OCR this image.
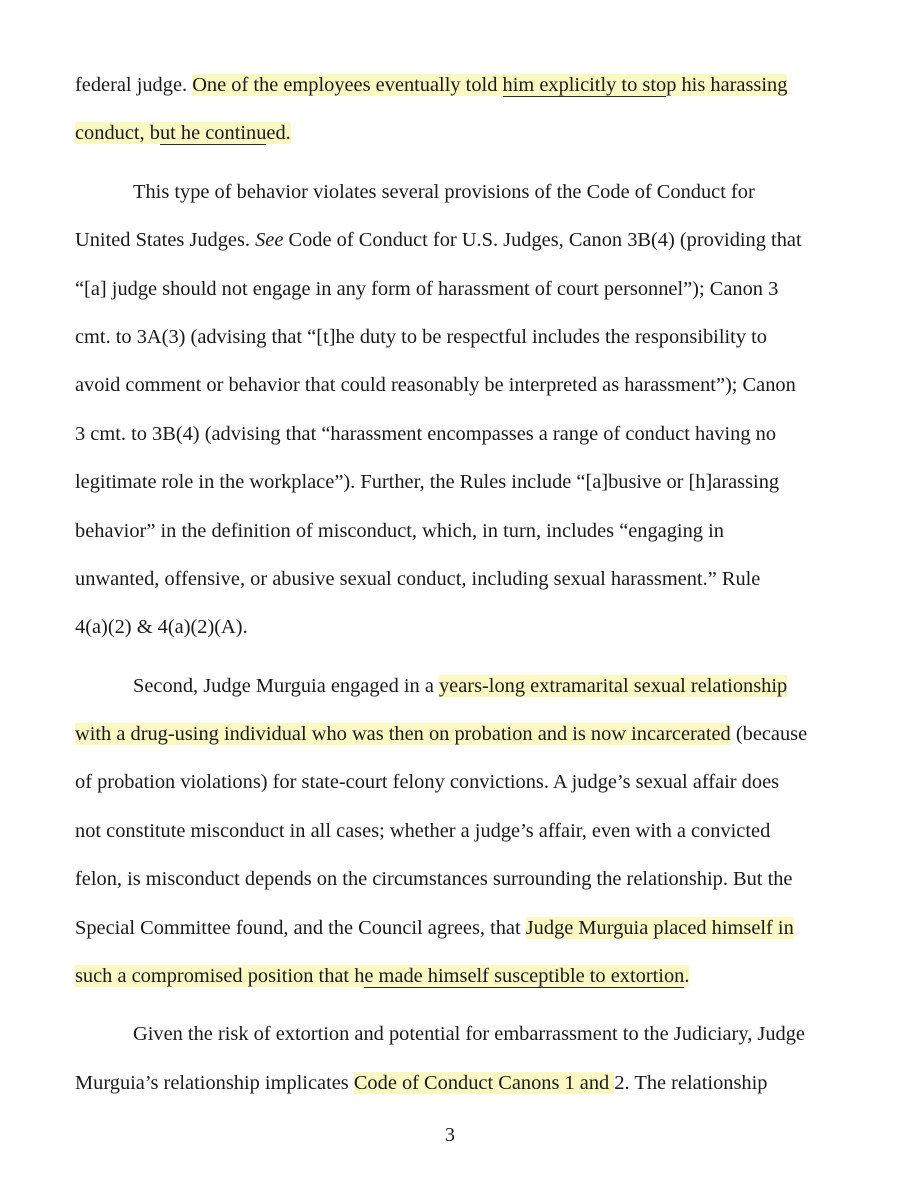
federal judge. One of the employees eventually told him explicitly to stop his harassing
conduct, but he continued.
This type of behavior violates several provisions of the Code of Conduct for
United States Judges. See Code of Conduct for U.S. Judges, Canon 3B(4) (providing that
“[a] judge should not engage in any form of harassment of court personnel”); Canon 3
cmt. to 3A(3) (advising that “[t]he duty to be respectful includes the responsibility to
avoid comment or behavior that could reasonably be interpreted as harassment”); Canon
3 cmt. to 3B(4) (advising that “harassment encompasses a range of conduct having no
legitimate role in the workplace”). Further, the Rules include “[a]busive or [h]arassing
behavior” in the definition of misconduct, which, in turn, includes “engaging in
unwanted, offensive, or abusive sexual conduct, including sexual harassment.” Rule
4(a)(2) & 4(a)(2)(A).
Second, Judge Murguia engaged in a years-long extramarital sexual relationship
with a drug-using individual who was then on probation and is now incarcerated (because
of probation violations) for state-court felony convictions. A judge’s sexual affair does
not constitute misconduct in all cases; whether a judge’s affair, even with a convicted
felon, is misconduct depends on the circumstances surrounding the relationship. But the
Special Committee found, and the Council agrees, that Judge Murguia placed himself in
such a compromised position that he made himself susceptible to extortion.
Given the risk of extortion and potential for embarrassment to the Judiciary, Judge
Murguia’s relationship implicates Code of Conduct Canons 1 and 2. The relationship
3
